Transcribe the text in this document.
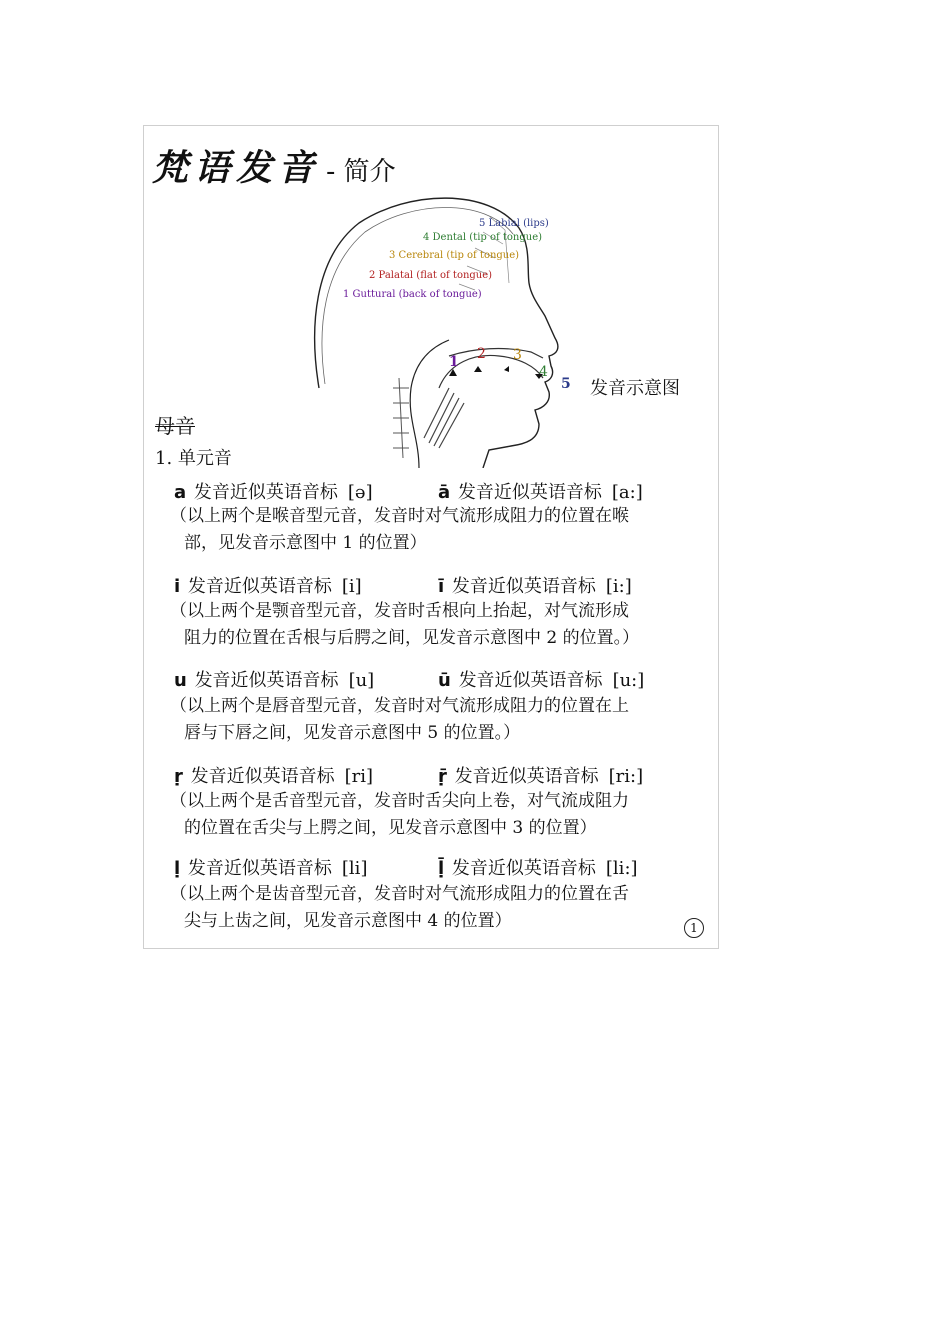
梵语发音 - 简介
5 Labial (lips)
4 Dental (tip of tongue)
3 Cerebral (tip of tongue)
2 Palatal (flat of tongue)
1 Guttural (back of tongue)
1 2 3
4
5 发音示意图
母音
1. 单元音
a 发音近似英语音标 [ə]	ā 发音近似英语音标 [a:]
（以上两个是喉音型元音，发音时对气流形成阻力的位置在喉
部，见发音示意图中 1 的位置）
i 发音近似英语音标 [i]	ī 发音近似英语音标 [i:]
（以上两个是颚音型元音，发音时舌根向上抬起，对气流形成
阻力的位置在舌根与后腭之间，见发音示意图中 2 的位置。）
u 发音近似英语音标 [u]	ū 发音近似英语音标 [u:]
（以上两个是唇音型元音，发音时对气流形成阻力的位置在上
唇与下唇之间，见发音示意图中 5 的位置。）
ṛ 发音近似英语音标 [ri]	ṝ 发音近似英语音标 [ri:]
（以上两个是舌音型元音，发音时舌尖向上卷，对气流成阻力
的位置在舌尖与上腭之间，见发音示意图中 3 的位置）
ḷ 发音近似英语音标 [li]	ḹ 发音近似英语音标 [li:]
（以上两个是齿音型元音，发音时对气流形成阻力的位置在舌
尖与上齿之间，见发音示意图中 4 的位置）	1
